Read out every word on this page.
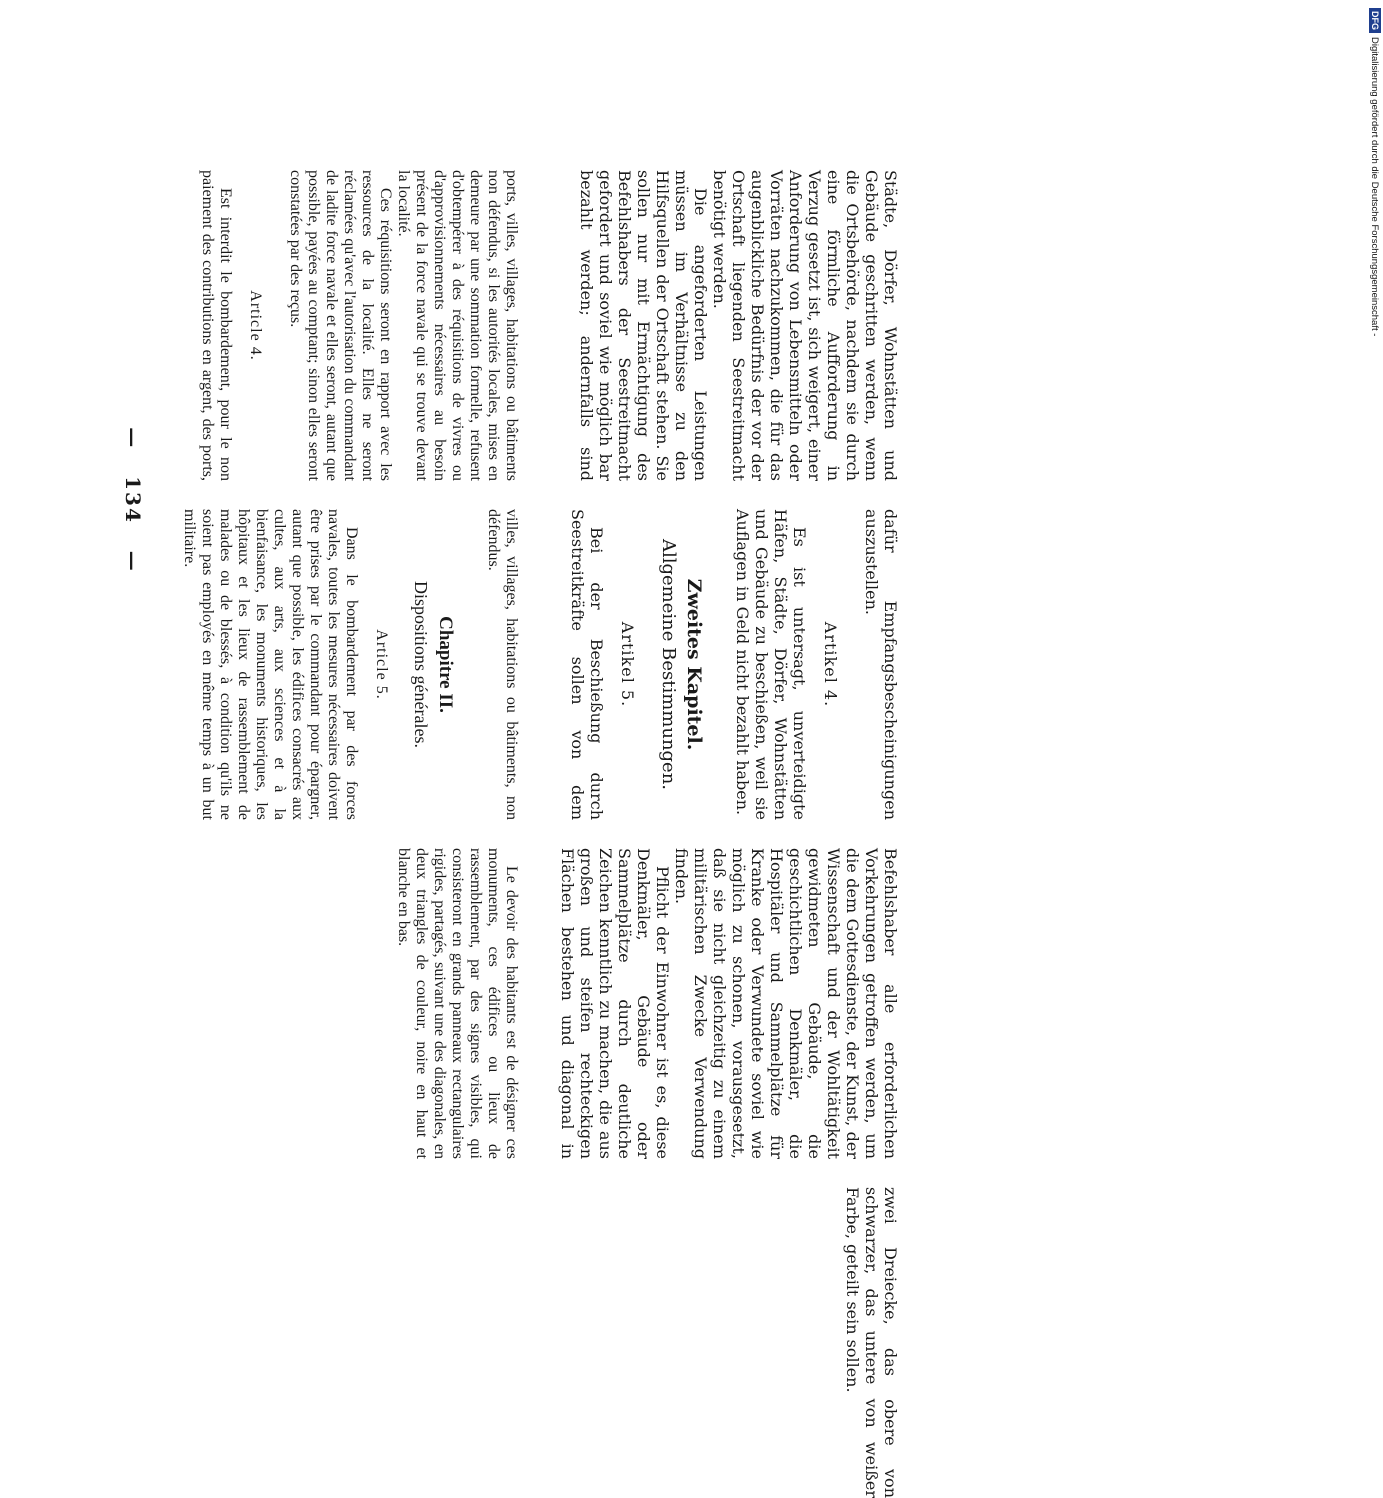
—   134   —

ports, villes, villages, habitations ou bâtiments non défendus, si les autorités locales, mises en demeure par une sommation formelle, refusent d'obtempérer à des réquisitions de vivres ou d'approvisionnements nécessaires au besoin présent de la force navale qui se trouve devant la localité.

Ces réquisitions seront en rapport avec les ressources de la localité. Elles ne seront réclamées qu'avec l'autorisation du commandant de ladite force navale et elles seront, autant que possible, payées au comptant; sinon elles seront constatées par des reçus.

Article 4.

Est interdit le bombardement, pour le non paiement des contributions en argent, des ports, villes, villages, habitations ou bâtiments, non défendus.

Chapitre II.
Dispositions générales.
Article 5.

Dans le bombardement par des forces navales, toutes les mesures nécessaires doivent être prises par le commandant pour épargner, autant que possible, les édifices consacrés aux cultes, aux arts, aux sciences et à la bienfaisance, les monuments historiques, les hôpitaux et les lieux de rassemblement de malades ou de blessés, à condition qu'ils ne soient pas employés en même temps à un but militaire.

Le devoir des habitants est de désigner ces monuments, ces édifices ou lieux de rassemblement, par des signes visibles, qui consisteront en grands panneaux rectangulaires rigides, partagés, suivant une des diagonales, en deux triangles de couleur, noire en haut et blanche en bas.

Städte, Dörfer, Wohnstätten und Gebäude geschritten werden, wenn die Ortsbehörde, nachdem sie durch eine förmliche Aufforderung in Verzug gesetzt ist, sich weigert, einer Anforderung von Lebensmitteln oder Vorräten nachzukommen, die für das augenblickliche Bedürfnis der vor der Ortschaft liegenden Seestreitmacht benötigt werden.

Die angeforderten Leistungen müssen im Verhältnisse zu den Hilfsquellen der Ortschaft stehen. Sie sollen nur mit Ermächtigung des Befehlshabers der Seestreitmacht gefordert und soviel wie möglich bar bezahlt werden; andernfalls sind dafür Empfangsbescheinigungen auszustellen.

Artikel 4.

Es ist untersagt, unverteidigte Häfen, Städte, Dörfer, Wohnstätten und Gebäude zu beschießen, weil sie Auflagen in Geld nicht bezahlt haben.

Zweites Kapitel.
Allgemeine Bestimmungen.
Artikel 5.

Bei der Beschießung durch Seestreitkräfte sollen von dem Befehlshaber alle erforderlichen Vorkehrungen getroffen werden, um die dem Gottesdienste, der Kunst, der Wissenschaft und der Wohltätigkeit gewidmeten Gebäude, die geschichtlichen Denkmäler, die Hospitäler und Sammelplätze für Kranke oder Verwundete soviel wie möglich zu schonen, vorausgesetzt, daß sie nicht gleichzeitig zu einem militärischen Zwecke Verwendung finden.

Pflicht der Einwohner ist es, diese Denkmäler, Gebäude oder Sammelplätze durch deutliche Zeichen kenntlich zu machen, die aus großen und steifen rechteckigen Flächen bestehen und diagonal in zwei Dreiecke, das obere von schwarzer, das untere von weißer Farbe, geteilt sein sollen.

DFG
Digitalisierung gefördert durch die Deutsche Forschungsgemeinschaft -
